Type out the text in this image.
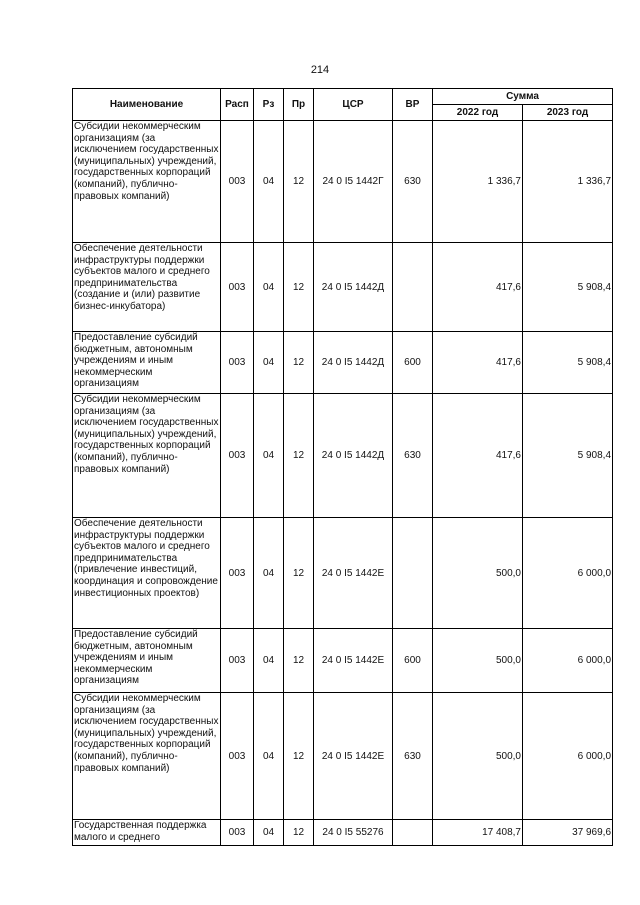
214
Наименование	Расп	Рз	Пр	ЦСР	ВР	Сумма	
						2022 год	2023 год
Субсидии некоммерческим организациям (за исключением государственных (муниципальных) учреждений, государственных корпораций (компаний), публично-правовых компаний)	003	04	12	24 0 I5 1442Г	630	1 336,7	1 336,7
Обеспечение деятельности инфраструктуры поддержки субъектов малого и среднего предпринимательства (создание и (или) развитие бизнес-инкубатора)	003	04	12	24 0 I5 1442Д		417,6	5 908,4
Предоставление субсидий бюджетным, автономным учреждениям и иным некоммерческим организациям	003	04	12	24 0 I5 1442Д	600	417,6	5 908,4
Субсидии некоммерческим организациям (за исключением государственных (муниципальных) учреждений, государственных корпораций (компаний), публично-правовых компаний)	003	04	12	24 0 I5 1442Д	630	417,6	5 908,4
Обеспечение деятельности инфраструктуры поддержки субъектов малого и среднего предпринимательства (привлечение инвестиций, координация и сопровождение инвестиционных проектов)	003	04	12	24 0 I5 1442Е		500,0	6 000,0
Предоставление субсидий бюджетным, автономным учреждениям и иным некоммерческим организациям	003	04	12	24 0 I5 1442Е	600	500,0	6 000,0
Субсидии некоммерческим организациям (за исключением государственных (муниципальных) учреждений, государственных корпораций (компаний), публично-правовых компаний)	003	04	12	24 0 I5 1442Е	630	500,0	6 000,0
Государственная поддержка малого и среднего	003	04	12	24 0 I5 55276		17 408,7	37 969,6
